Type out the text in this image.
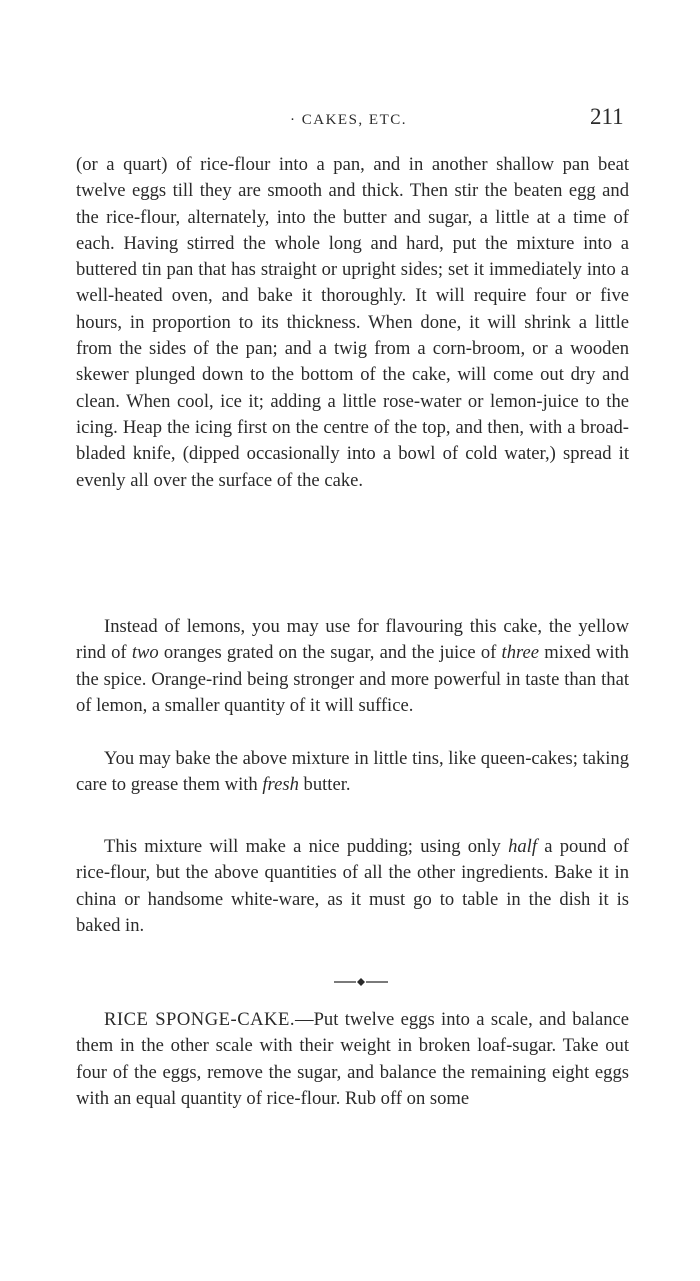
· CAKES, ETC.	211

(or a quart) of rice-flour into a pan, and in another shallow pan beat twelve eggs till they are smooth and thick. Then stir the beaten egg and the rice-flour, alternately, into the butter and sugar, a little at a time of each. Having stirred the whole long and hard, put the mixture into a buttered tin pan that has straight or upright sides; set it immediately into a well-heated oven, and bake it thoroughly. It will require four or five hours, in proportion to its thickness. When done, it will shrink a little from the sides of the pan; and a twig from a corn-broom, or a wooden skewer plunged down to the bottom of the cake, will come out dry and clean. When cool, ice it; adding a little rose-water or lemon-juice to the icing. Heap the icing first on the centre of the top, and then, with a broad-bladed knife, (dipped occasionally into a bowl of cold water,) spread it evenly all over the surface of the cake.

Instead of lemons, you may use for flavouring this cake, the yellow rind of two oranges grated on the sugar, and the juice of three mixed with the spice. Orange-rind being stronger and more powerful in taste than that of lemon, a smaller quantity of it will suffice.

You may bake the above mixture in little tins, like queen-cakes; taking care to grease them with fresh butter.

This mixture will make a nice pudding; using only half a pound of rice-flour, but the above quantities of all the other ingredients. Bake it in china or handsome white-ware, as it must go to table in the dish it is baked in.

RICE SPONGE-CAKE.—Put twelve eggs into a scale, and balance them in the other scale with their weight in broken loaf-sugar. Take out four of the eggs, remove the sugar, and balance the remaining eight eggs with an equal quantity of rice-flour. Rub off on some
